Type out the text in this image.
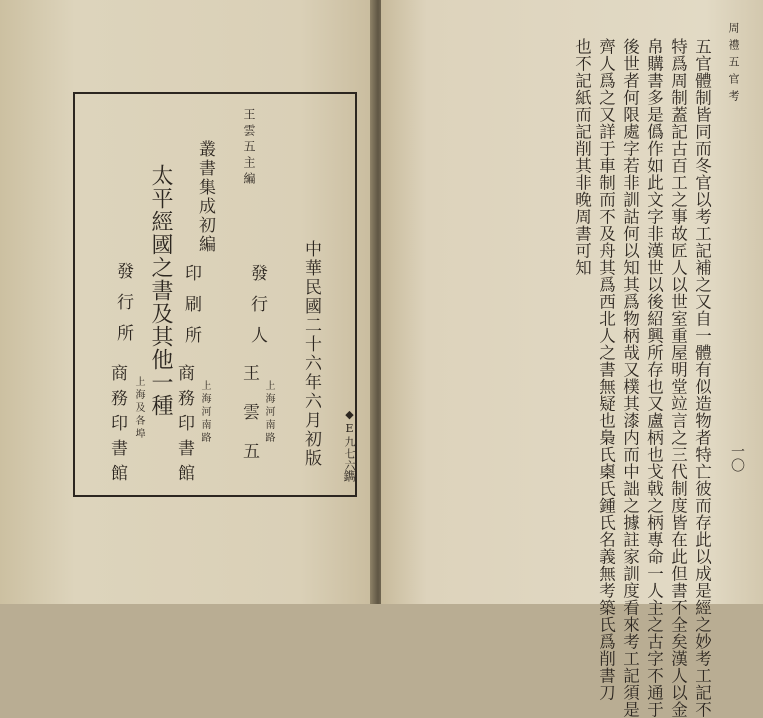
王雲五主編
叢書集成初編
太平經國之書及其他一種	中華民國二十六年六月初版
發行人
上海河南路
王雲五
印刷所
上海河南路
商務印書館
發行所
上海及各埠
商務印書館	◆E九七六
鐫
周禮五官考
一〇
五官體制皆同而冬官以考工記補之又自一體有似造物者特亡彼而存此以成是經之妙考工記不
特爲周制蓋記古百工之事故匠人以世室重屋明堂竝言之三代制度皆在此但書不全矣漢人以金
帛購書多是僞作如此文字非漢世以後紹興所存也又盧柄也戈戟之柄專命一人主之古字不通于
後世者何限處字若非訓詁何以知其爲物柄哉又樸其漆内而中詘之據註家訓度看來考工記須是
齊人爲之又詳于車制而不及舟其爲西北人之書無疑也梟氏㮚氏鍾氏名義無考築氏爲削書刀
也不記紙而記削其非晚周書可知
